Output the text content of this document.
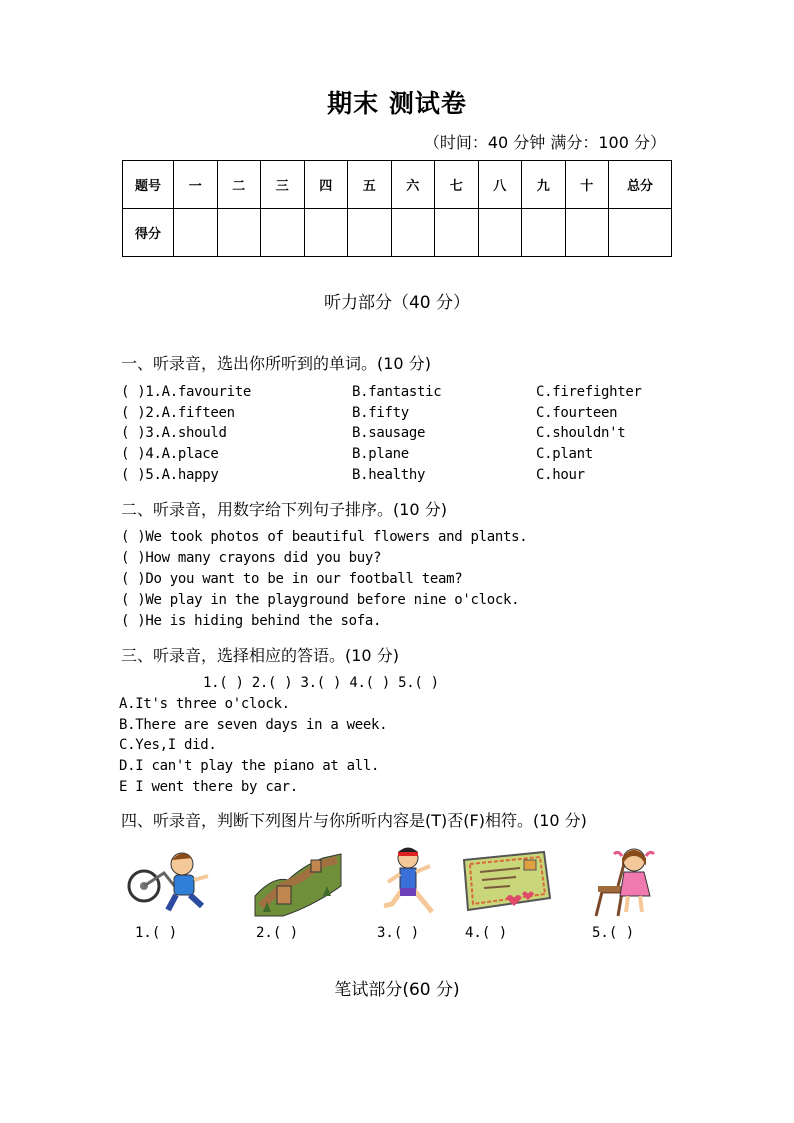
期末 测试卷
（时间：40 分钟 满分：100 分）
题号	一	二	三	四	五	六	七	八	九	十	总分
得分											
听力部分（40 分）
一、听录音，选出你所听到的单词。(10 分)
( )1.A.favourite	B.fantastic	C.firefighter
( )2.A.fifteen	B.fifty	C.fourteen
( )3.A.should	B.sausage	C.shouldn't
( )4.A.place	B.plane	C.plant
( )5.A.happy	B.healthy	C.hour
二、听录音，用数字给下列句子排序。(10 分)
( )We took photos of beautiful flowers and plants.
( )How many crayons did you buy?
( )Do you want to be in our football team?
( )We play in the playground before nine o'clock.
( )He is hiding behind the sofa.
三、听录音，选择相应的答语。(10 分)
1.( ) 2.( ) 3.( ) 4.( ) 5.( )
A.It's three o'clock.
B.There are seven days in a week.
C.Yes,I did.
D.I can't play the piano at all.
E I went there by car.
四、听录音，判断下列图片与你所听内容是(T)否(F)相符。(10 分)
1.( )	2.( )	3.( )	4.( )	5.( )
笔试部分(60 分)
